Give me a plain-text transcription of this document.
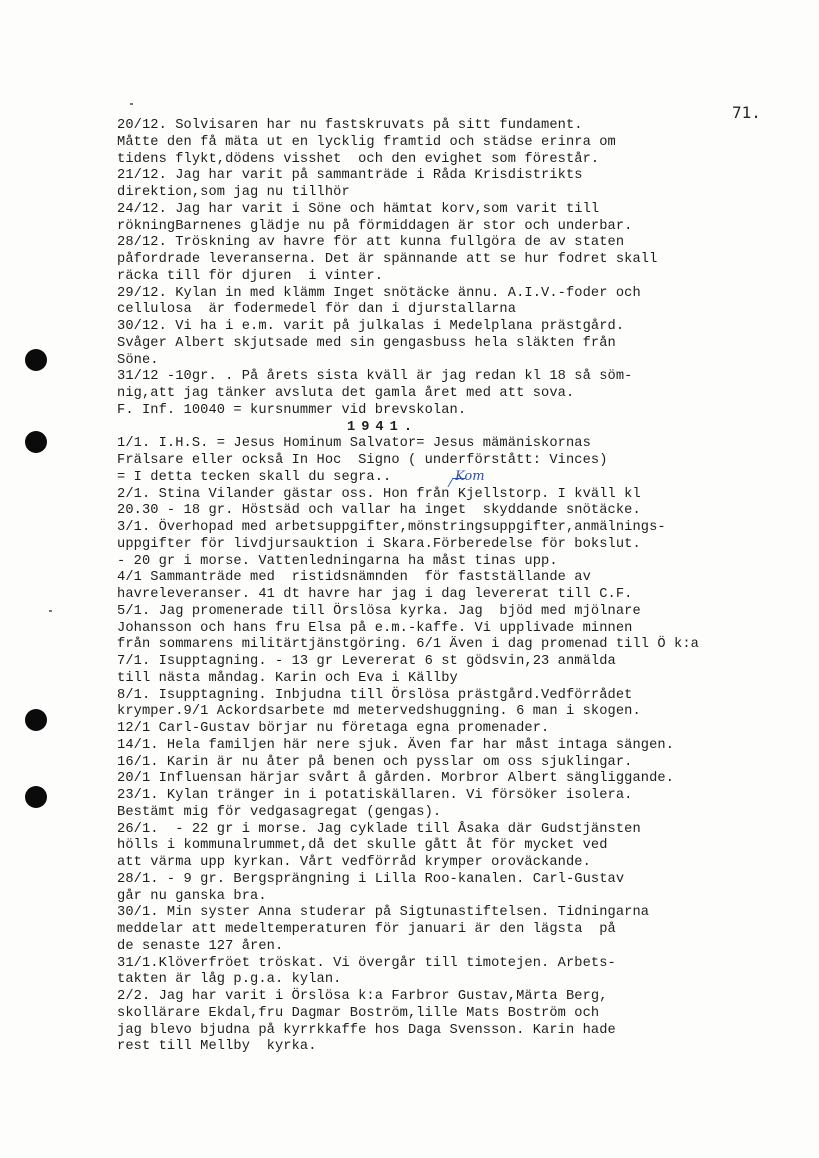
71.
Kom
20/12. Solvisaren har nu fastskruvats på sitt fundament.
Måtte den få mäta ut en lycklig framtid och städse erinra om
tidens flykt,dödens visshet  och den evighet som förestår.
21/12. Jag har varit på sammanträde i Råda Krisdistrikts
direktion,som jag nu tillhör
24/12. Jag har varit i Söne och hämtat korv,som varit till
rökningBarnenes glädje nu på förmiddagen är stor och underbar.
28/12. Tröskning av havre för att kunna fullgöra de av staten
påfordrade leveranserna. Det är spännande att se hur fodret skall
räcka till för djuren  i vinter.
29/12. Kylan in med klämm Inget snötäcke ännu. A.I.V.-foder och
cellulosa  är fodermedel för dan i djurstallarna
30/12. Vi ha i e.m. varit på julkalas i Medelplana prästgård.
Svåger Albert skjutsade med sin gengasbuss hela släkten från
Söne.
31/12 -10gr. . På årets sista kväll är jag redan kl 18 så söm-
nig,att jag tänker avsluta det gamla året med att sova.
F. Inf. 10040 = kursnummer vid brevskolan.
1941.
1/1. I.H.S. = Jesus Hominum Salvator= Jesus mämäniskornas
Frälsare eller också In Hoc  Signo ( underförstått: Vinces)
= I detta tecken skall du segra..
2/1. Stina Vilander gästar oss. Hon från Kjellstorp. I kväll kl
20.30 - 18 gr. Höstsäd och vallar ha inget  skyddande snötäcke.
3/1. Överhopad med arbetsuppgifter,mönstringsuppgifter,anmälnings-
uppgifter för livdjursauktion i Skara.Förberedelse för bokslut.
- 20 gr i morse. Vattenledningarna ha måst tinas upp.
4/1 Sammanträde med  ristidsnämnden  för fastställande av
havreleveranser. 41 dt havre har jag i dag levererat till C.F.
5/1. Jag promenerade till Örslösa kyrka. Jag  bjöd med mjölnare
Johansson och hans fru Elsa på e.m.-kaffe. Vi upplivade minnen
från sommarens militärtjänstgöring. 6/1 Även i dag promenad till Ö k:a
7/1. Isupptagning. - 13 gr Levererat 6 st gödsvin,23 anmälda
till nästa måndag. Karin och Eva i Källby
8/1. Isupptagning. Inbjudna till Örslösa prästgård.Vedförrådet
krymper.9/1 Ackordsarbete md metervedshuggning. 6 man i skogen.
12/1 Carl-Gustav börjar nu företaga egna promenader.
14/1. Hela familjen här nere sjuk. Även far har måst intaga sängen.
16/1. Karin är nu åter på benen och pysslar om oss sjuklingar.
20/1 Influensan härjar svårt å gården. Morbror Albert sängliggande.
23/1. Kylan tränger in i potatiskällaren. Vi försöker isolera.
Bestämt mig för vedgasagregat (gengas).
26/1.  - 22 gr i morse. Jag cyklade till Åsaka där Gudstjänsten
hölls i kommunalrummet,då det skulle gått åt för mycket ved
att värma upp kyrkan. Vårt vedförråd krymper oroväckande.
28/1. - 9 gr. Bergsprängning i Lilla Roo-kanalen. Carl-Gustav
går nu ganska bra.
30/1. Min syster Anna studerar på Sigtunastiftelsen. Tidningarna
meddelar att medeltemperaturen för januari är den lägsta  på
de senaste 127 åren.
31/1.Klöverfröet tröskat. Vi övergår till timotejen. Arbets-
takten är låg p.g.a. kylan.
2/2. Jag har varit i Örslösa k:a Farbror Gustav,Märta Berg,
skollärare Ekdal,fru Dagmar Boström,lille Mats Boström och
jag blevo bjudna på kyrrkkaffe hos Daga Svensson. Karin hade
rest till Mellby  kyrka.
